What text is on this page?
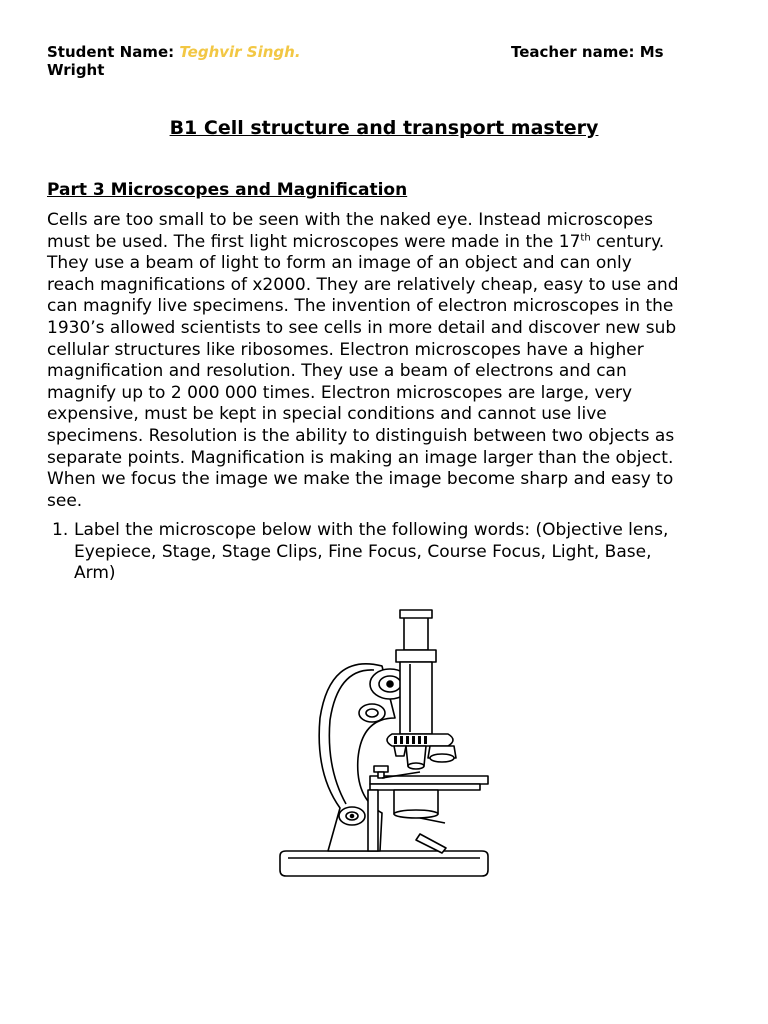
Student Name: Teghvir Singh.	Teacher name: Ms
Wright
B1 Cell structure and transport mastery
Part 3 Microscopes and Magnification
Cells are too small to be seen with the naked eye. Instead microscopes
must be used. The first light microscopes were made in the 17th century.
They use a beam of light to form an image of an object and can only
reach magnifications of x2000. They are relatively cheap, easy to use and
can magnify live specimens. The invention of electron microscopes in the
1930’s allowed scientists to see cells in more detail and discover new sub
cellular structures like ribosomes. Electron microscopes have a higher
magnification and resolution. They use a beam of electrons and can
magnify up to 2 000 000 times. Electron microscopes are large, very
expensive, must be kept in special conditions and cannot use live
specimens. Resolution is the ability to distinguish between two objects as
separate points. Magnification is making an image larger than the object.
When we focus the image we make the image become sharp and easy to
see.
1. Label the microscope below with the following words: (Objective lens,
Eyepiece, Stage, Stage Clips, Fine Focus, Course Focus, Light, Base,
Arm)
